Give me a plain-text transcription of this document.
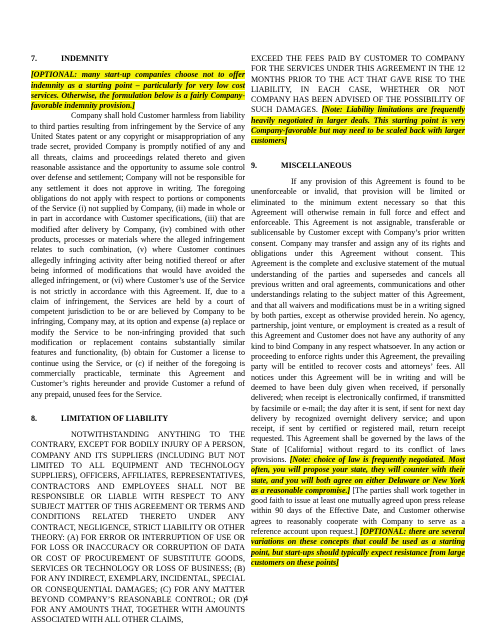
7.	INDEMNITY

[OPTIONAL: many start-up companies choose not to offer indemnity as a starting point – particularly for very low cost services. Otherwise, the formulation below is a fairly Company-favorable indemnity provision.]

Company shall hold Customer harmless from liability to third parties resulting from infringement by the Service of any United States patent or any copyright or misappropriation of any trade secret, provided Company is promptly notified of any and all threats, claims and proceedings related thereto and given reasonable assistance and the opportunity to assume sole control over defense and settlement; Company will not be responsible for any settlement it does not approve in writing. The foregoing obligations do not apply with respect to portions or components of the Service (i) not supplied by Company, (ii) made in whole or in part in accordance with Customer specifications, (iii) that are modified after delivery by Company, (iv) combined with other products, processes or materials where the alleged infringement relates to such combination, (v) where Customer continues allegedly infringing activity after being notified thereof or after being informed of modifications that would have avoided the alleged infringement, or (vi) where Customer’s use of the Service is not strictly in accordance with this Agreement. If, due to a claim of infringement, the Services are held by a court of competent jurisdiction to be or are believed by Company to be infringing, Company may, at its option and expense (a) replace or modify the Service to be non-infringing provided that such modification or replacement contains substantially similar features and functionality, (b) obtain for Customer a license to continue using the Service, or (c) if neither of the foregoing is commercially practicable, terminate this Agreement and Customer’s rights hereunder and provide Customer a refund of any prepaid, unused fees for the Service.

8.	LIMITATION OF LIABILITY

NOTWITHSTANDING ANYTHING TO THE CONTRARY, EXCEPT FOR BODILY INJURY OF A PERSON, COMPANY AND ITS SUPPLIERS (INCLUDING BUT NOT LIMITED TO ALL EQUIPMENT AND TECHNOLOGY SUPPLIERS), OFFICERS, AFFILIATES, REPRESENTATIVES, CONTRACTORS AND EMPLOYEES SHALL NOT BE RESPONSIBLE OR LIABLE WITH RESPECT TO ANY SUBJECT MATTER OF THIS AGREEMENT OR TERMS AND CONDITIONS RELATED THERETO UNDER ANY CONTRACT, NEGLIGENCE, STRICT LIABILITY OR OTHER THEORY: (A) FOR ERROR OR INTERRUPTION OF USE OR FOR LOSS OR INACCURACY OR CORRUPTION OF DATA OR COST OF PROCUREMENT OF SUBSTITUTE GOODS, SERVICES OR TECHNOLOGY OR LOSS OF BUSINESS; (B) FOR ANY INDIRECT, EXEMPLARY, INCIDENTAL, SPECIAL OR CONSEQUENTIAL DAMAGES; (C) FOR ANY MATTER BEYOND COMPANY’S REASONABLE CONTROL; OR (D) FOR ANY AMOUNTS THAT, TOGETHER WITH AMOUNTS ASSOCIATED WITH ALL OTHER CLAIMS,

EXCEED THE FEES PAID BY CUSTOMER TO COMPANY FOR THE SERVICES UNDER THIS AGREEMENT IN THE 12 MONTHS PRIOR TO THE ACT THAT GAVE RISE TO THE LIABILITY, IN EACH CASE, WHETHER OR NOT COMPANY HAS BEEN ADVISED OF THE POSSIBILITY OF SUCH DAMAGES. [Note: Liability limitations are frequently heavily negotiated in larger deals. This starting point is very Company-favorable but may need to be scaled back with larger customers]

9.	MISCELLANEOUS

If any provision of this Agreement is found to be unenforceable or invalid, that provision will be limited or eliminated to the minimum extent necessary so that this Agreement will otherwise remain in full force and effect and enforceable. This Agreement is not assignable, transferable or sublicensable by Customer except with Company’s prior written consent. Company may transfer and assign any of its rights and obligations under this Agreement without consent. This Agreement is the complete and exclusive statement of the mutual understanding of the parties and supersedes and cancels all previous written and oral agreements, communications and other understandings relating to the subject matter of this Agreement, and that all waivers and modifications must be in a writing signed by both parties, except as otherwise provided herein. No agency, partnership, joint venture, or employment is created as a result of this Agreement and Customer does not have any authority of any kind to bind Company in any respect whatsoever. In any action or proceeding to enforce rights under this Agreement, the prevailing party will be entitled to recover costs and attorneys’ fees. All notices under this Agreement will be in writing and will be deemed to have been duly given when received, if personally delivered; when receipt is electronically confirmed, if transmitted by facsimile or e-mail; the day after it is sent, if sent for next day delivery by recognized overnight delivery service; and upon receipt, if sent by certified or registered mail, return receipt requested. This Agreement shall be governed by the laws of the State of [California] without regard to its conflict of laws provisions. [Note: choice of law is frequently negotiated. Most often, you will propose your state, they will counter with their state, and you will both agree on either Delaware or New York as a reasonable compromise.] [The parties shall work together in good faith to issue at least one mutually agreed upon press release within 90 days of the Effective Date, and Customer otherwise agrees to reasonably cooperate with Company to serve as a reference account upon request.] [OPTIONAL: there are several variations on these concepts that could be used as a starting point, but start-ups should typically expect resistance from large customers on these points]

4
